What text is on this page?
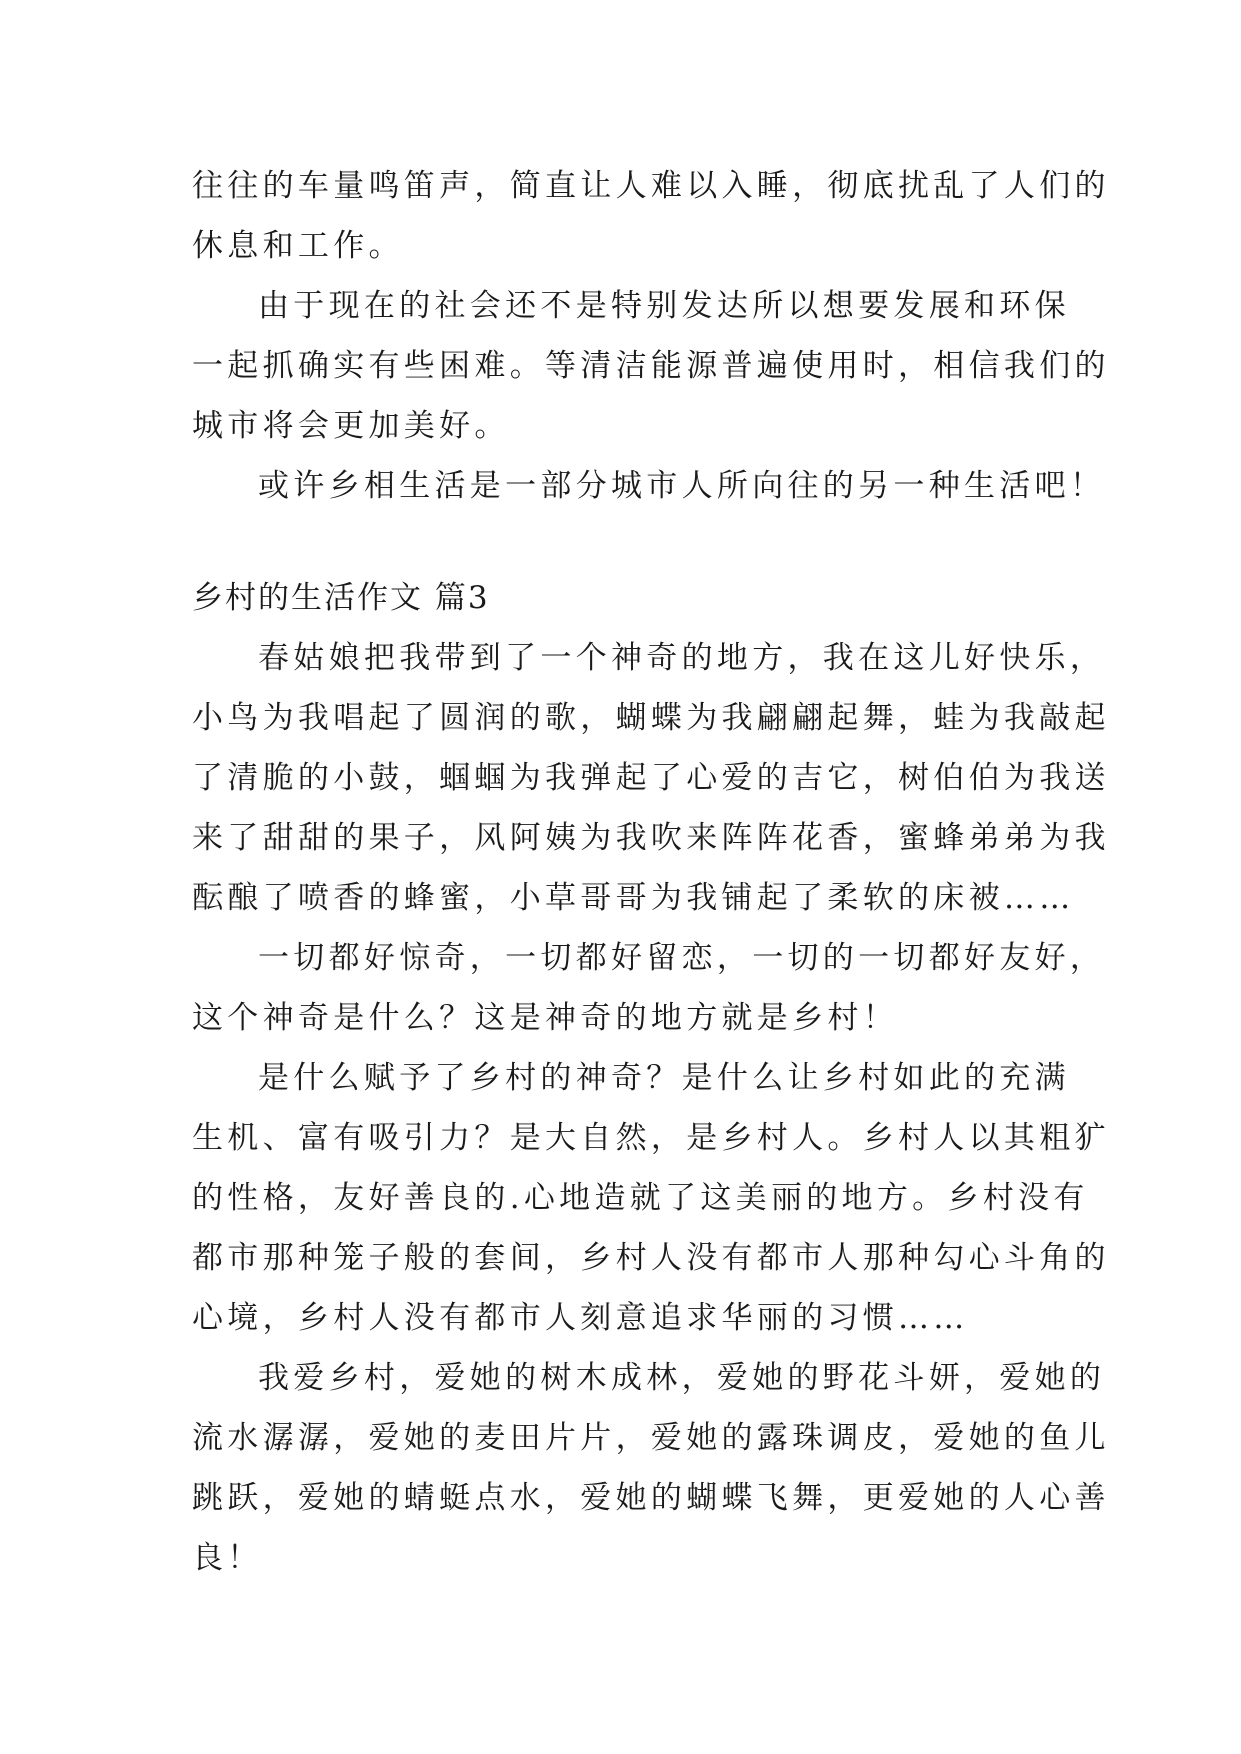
往往的车量鸣笛声，简直让人难以入睡，彻底扰乱了人们的
休息和工作。
由于现在的社会还不是特别发达所以想要发展和环保
一起抓确实有些困难。等清洁能源普遍使用时，相信我们的
城市将会更加美好。
或许乡相生活是一部分城市人所向往的另一种生活吧！
乡村的生活作文 篇3
春姑娘把我带到了一个神奇的地方，我在这儿好快乐，
小鸟为我唱起了圆润的歌，蝴蝶为我翩翩起舞，蛙为我敲起
了清脆的小鼓，蝈蝈为我弹起了心爱的吉它，树伯伯为我送
来了甜甜的果子，风阿姨为我吹来阵阵花香，蜜蜂弟弟为我
酝酿了喷香的蜂蜜，小草哥哥为我铺起了柔软的床被……
一切都好惊奇，一切都好留恋，一切的一切都好友好，
这个神奇是什么？这是神奇的地方就是乡村！
是什么赋予了乡村的神奇？是什么让乡村如此的充满
生机、富有吸引力？是大自然，是乡村人。乡村人以其粗犷
的性格，友好善良的.心地造就了这美丽的地方。乡村没有
都市那种笼子般的套间，乡村人没有都市人那种勾心斗角的
心境，乡村人没有都市人刻意追求华丽的习惯……
我爱乡村，爱她的树木成林，爱她的野花斗妍，爱她的
流水潺潺，爱她的麦田片片，爱她的露珠调皮，爱她的鱼儿
跳跃，爱她的蜻蜓点水，爱她的蝴蝶飞舞，更爱她的人心善
良！
